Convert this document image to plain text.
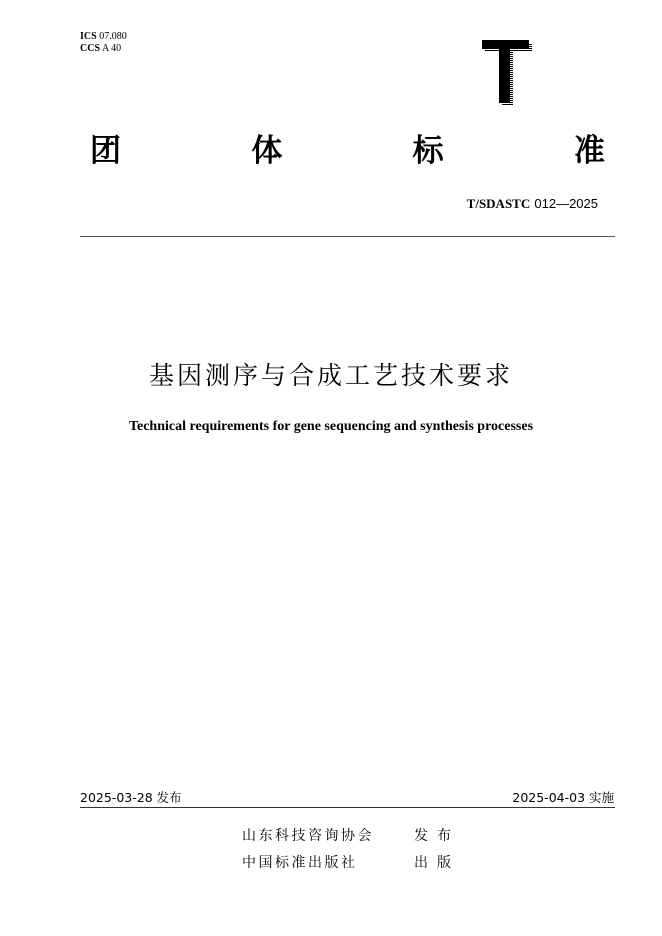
ICS 07.080
CCS A 40
团	体	标	准
T/SDASTC 012—2025
基因测序与合成工艺技术要求
Technical requirements for gene sequencing and synthesis processes
2025-03-28 发布	2025-04-03 实施
山东科技咨询协会	发布
中国标准出版社	出版
